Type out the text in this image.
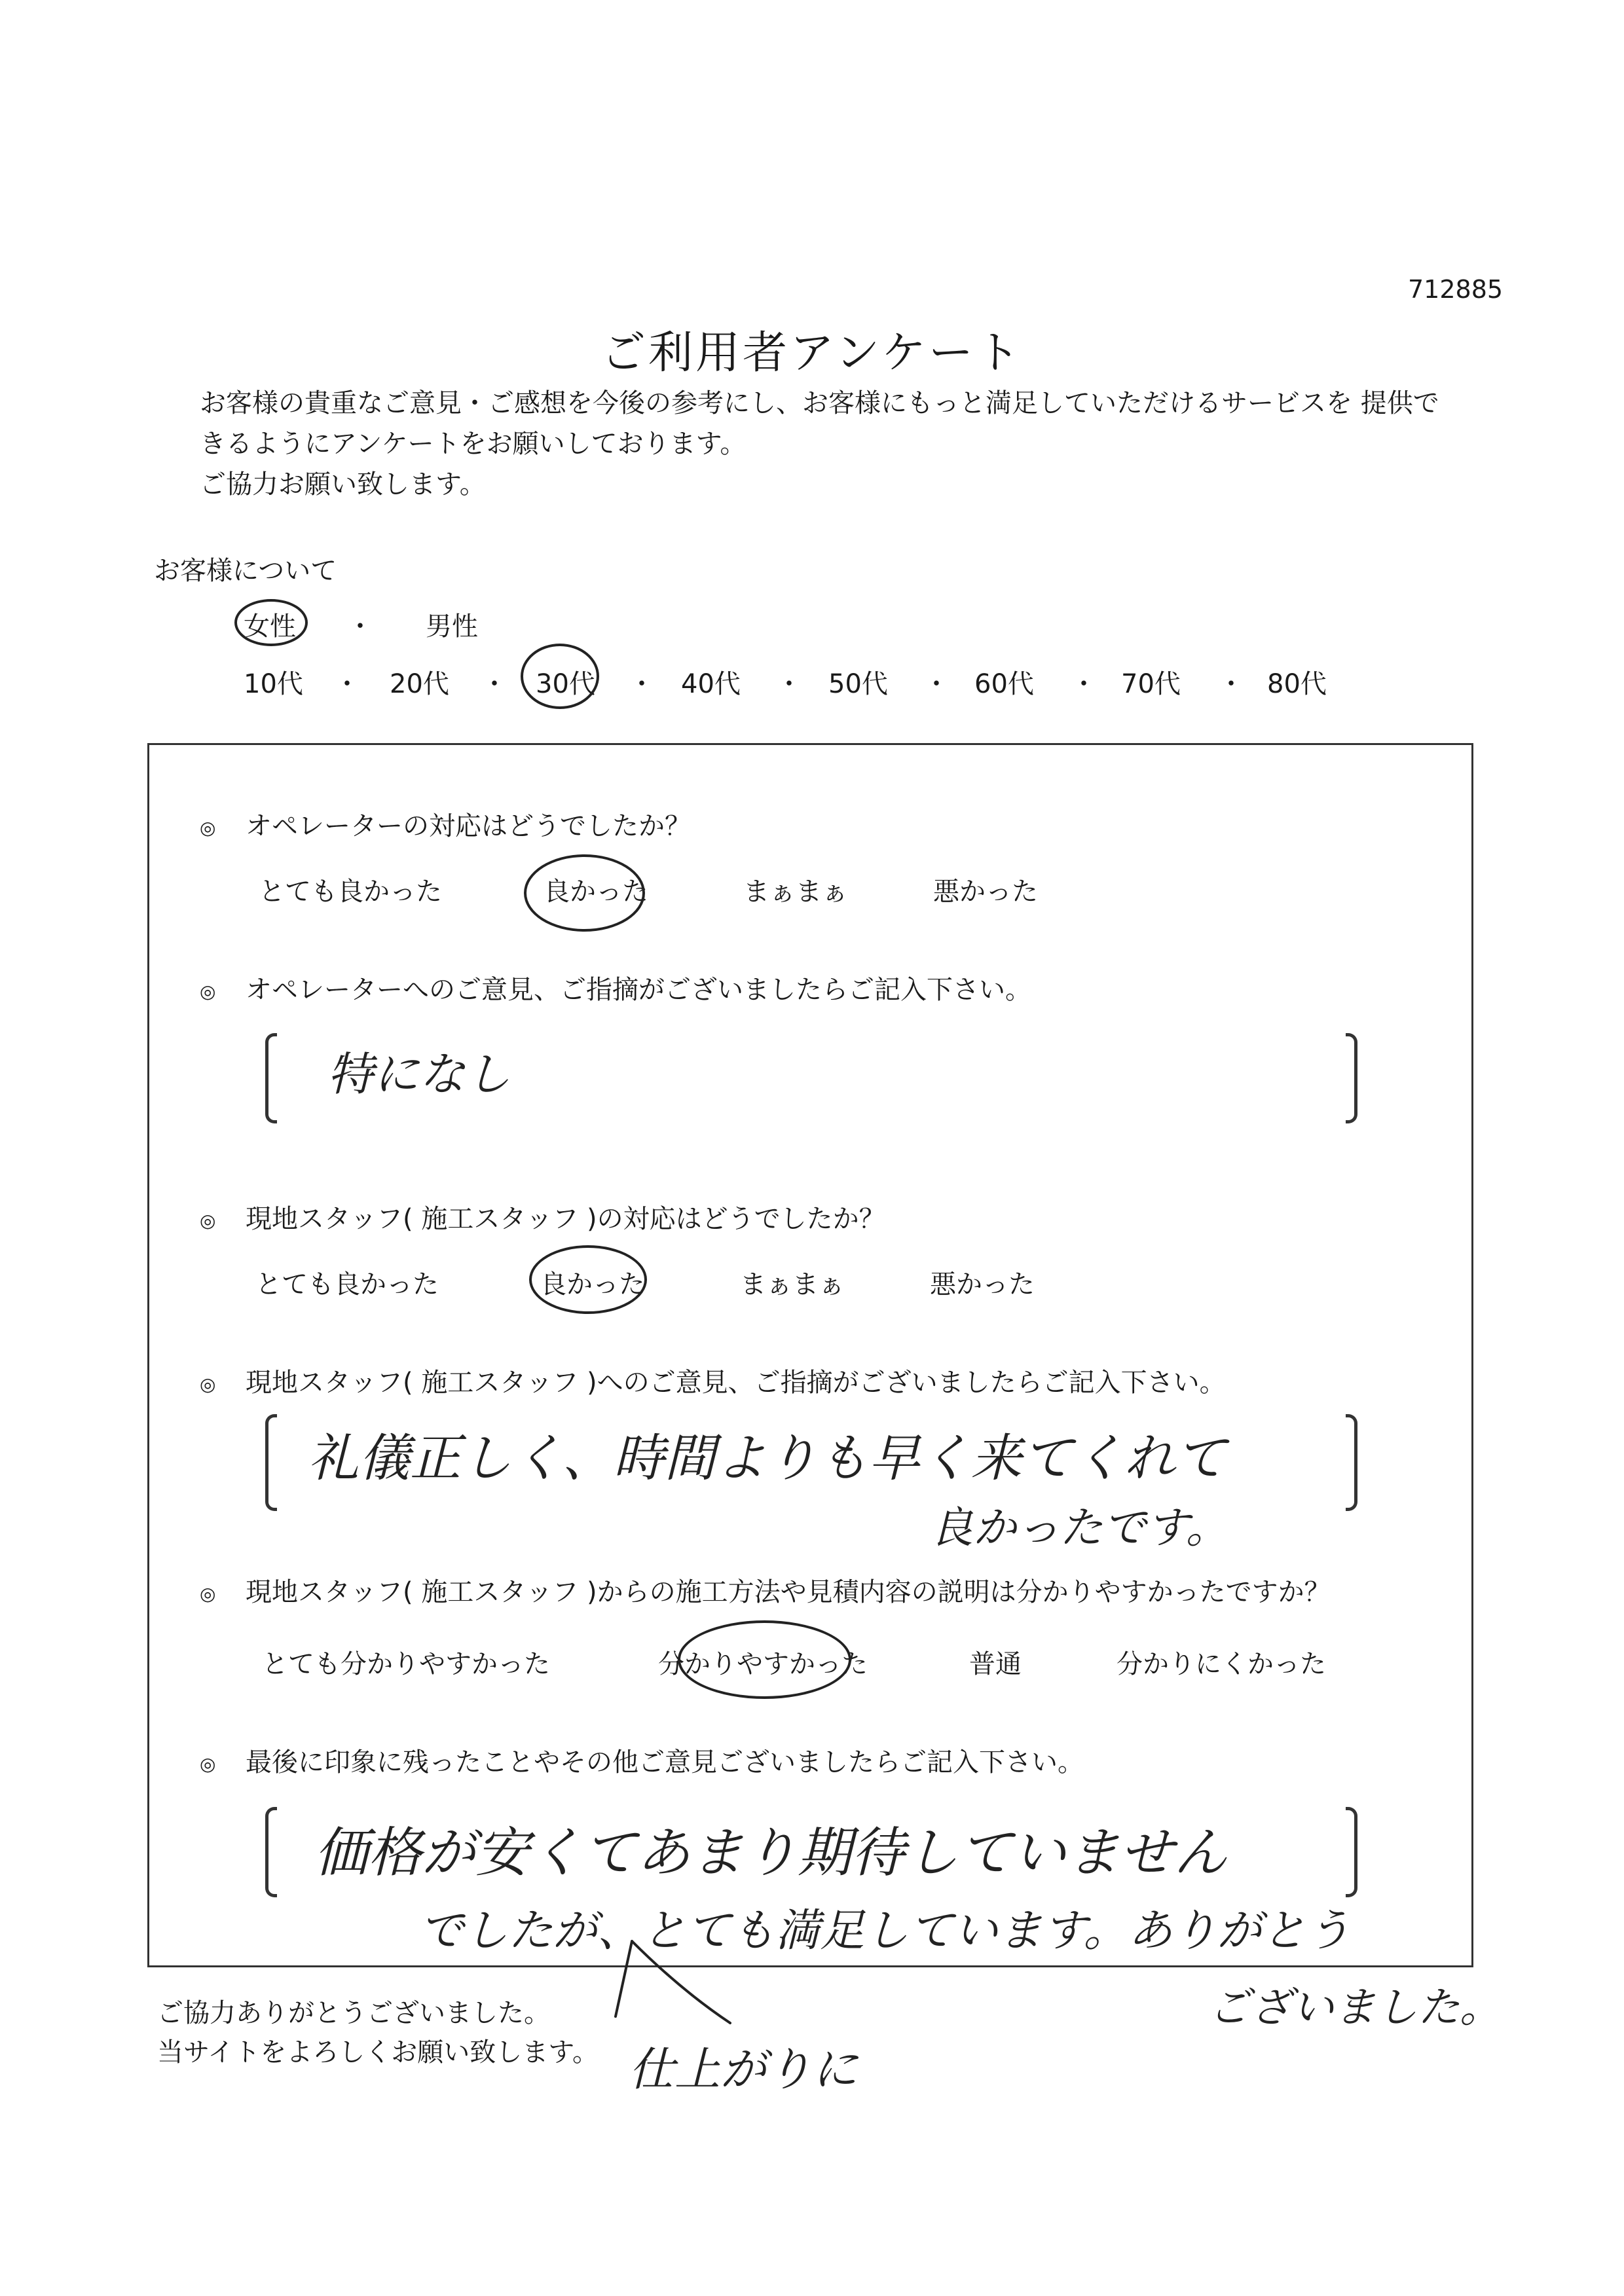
712885
ご利用者アンケート
お客様の貴重なご意見・ご感想を今後の参考にし、お客様にもっと満足していただけるサービスを 提供で
きるようにアンケートをお願いしております。
ご協力お願い致します。
お客様について
女性 ・ 男性
10代 ・ 20代 ・ 30代 ・ 40代 ・ 50代 ・ 60代 ・ 70代 ・ 80代
◎ オペレーターの対応はどうでしたか？
とても良かった	良かった	まぁまぁ	悪かった
◎ オペレーターへのご意見、ご指摘がございましたらご記入下さい。
特になし
◎ 現地スタッフ( 施工スタッフ )の対応はどうでしたか？
とても良かった	良かった	まぁまぁ	悪かった
◎ 現地スタッフ( 施工スタッフ )へのご意見、ご指摘がございましたらご記入下さい。
礼儀正しく、時間よりも早く来てくれて
良かったです。
◎ 現地スタッフ( 施工スタッフ )からの施工方法や見積内容の説明は分かりやすかったですか？
とても分かりやすかった	分かりやすかった	普通	分かりにくかった
◎ 最後に印象に残ったことやその他ご意見ございましたらご記入下さい。
価格が安くてあまり期待していません
でしたが、とても満足しています。ありがとう
ございました。
仕上がりに
ご協力ありがとうございました。
当サイトをよろしくお願い致します。
